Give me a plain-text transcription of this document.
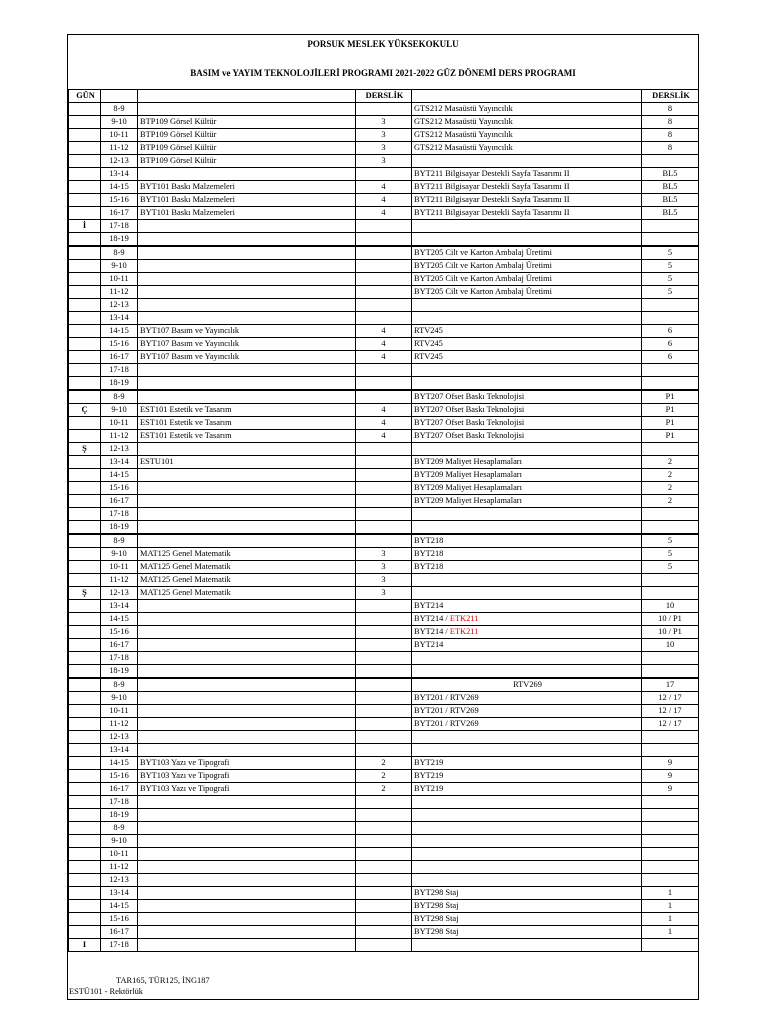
PORSUK MESLEK YÜKSEKOKULU
BASIM ve YAYIM TEKNOLOJİLERİ PROGRAMI 2021-2022 GÜZ DÖNEMİ DERS PROGRAMI
GÜN			DERSLİK		DERSLİK
	8-9			GTS212 Masaüstü Yayıncılık	8
	9-10	BTP109 Görsel Kültür	3	GTS212 Masaüstü Yayıncılık	8
	10-11	BTP109 Görsel Kültür	3	GTS212 Masaüstü Yayıncılık	8
	11-12	BTP109 Görsel Kültür	3	GTS212 Masaüstü Yayıncılık	8
	12-13	BTP109 Görsel Kültür	3		
	13-14			BYT211 Bilgisayar Destekli Sayfa Tasarımı II	BL5
	14-15	BYT101 Baskı Malzemeleri	4	BYT211 Bilgisayar Destekli Sayfa Tasarımı II	BL5
	15-16	BYT101 Baskı Malzemeleri	4	BYT211 Bilgisayar Destekli Sayfa Tasarımı II	BL5
	16-17	BYT101 Baskı Malzemeleri	4	BYT211 Bilgisayar Destekli Sayfa Tasarımı II	BL5
İ	17-18				
	18-19				
	8-9			BYT205 Cilt ve Karton Ambalaj Üretimi	5
	9-10			BYT205 Cilt ve Karton Ambalaj Üretimi	5
	10-11			BYT205 Cilt ve Karton Ambalaj Üretimi	5
	11-12			BYT205 Cilt ve Karton Ambalaj Üretimi	5
	12-13				
	13-14				
	14-15	BYT107 Basım ve Yayıncılık	4	RTV245	6
	15-16	BYT107 Basım ve Yayıncılık	4	RTV245	6
	16-17	BYT107 Basım ve Yayıncılık	4	RTV245	6
	17-18				
	18-19				
	8-9			BYT207 Ofset Baskı Teknolojisi	P1
Ç	9-10	EST101 Estetik ve Tasarım	4	BYT207 Ofset Baskı Teknolojisi	P1
	10-11	EST101 Estetik ve Tasarım	4	BYT207 Ofset Baskı Teknolojisi	P1
	11-12	EST101 Estetik ve Tasarım	4	BYT207 Ofset Baskı Teknolojisi	P1
Ş	12-13				
	13-14	ESTU101		BYT209 Maliyet Hesaplamaları	2
	14-15			BYT209 Maliyet Hesaplamaları	2
	15-16			BYT209 Maliyet Hesaplamaları	2
	16-17			BYT209 Maliyet Hesaplamaları	2
	17-18				
	18-19				
	8-9			BYT218	5
	9-10	MAT125 Genel Matematik	3	BYT218	5
	10-11	MAT125 Genel Matematik	3	BYT218	5
	11-12	MAT125 Genel Matematik	3		
Ş	12-13	MAT125 Genel Matematik	3		
	13-14			BYT214	10
	14-15			BYT214 / ETK211	10 / P1
	15-16			BYT214 / ETK211	10 / P1
	16-17			BYT214	10
	17-18				
	18-19				
	8-9			RTV269	17
	9-10			BYT201 / RTV269	12 / 17
	10-11			BYT201 / RTV269	12 / 17
	11-12			BYT201 / RTV269	12 / 17
	12-13				
	13-14				
	14-15	BYT103 Yazı ve Tipografi	2	BYT219	9
	15-16	BYT103 Yazı ve Tipografi	2	BYT219	9
	16-17	BYT103 Yazı ve Tipografi	2	BYT219	9
	17-18				
	18-19				
	8-9				
	9-10				
	10-11				
	11-12				
	12-13				
	13-14			BYT298 Staj	1
	14-15			BYT298 Staj	1
	15-16			BYT298 Staj	1
	16-17			BYT298 Staj	1
I	17-18				
TAR165, TÜR125, İNG187
ESTÜ101 - Rektörlük
